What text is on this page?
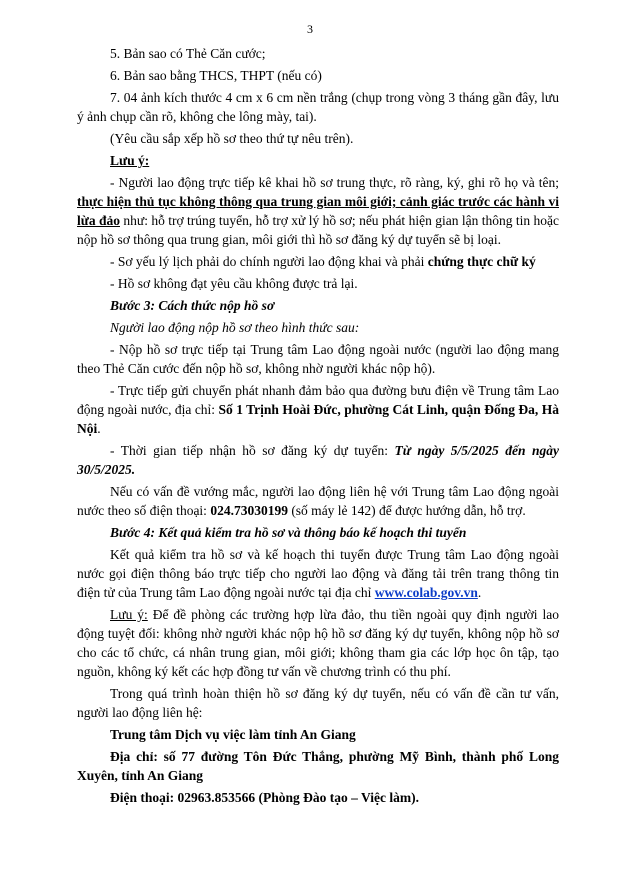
3

5. Bản sao có Thẻ Căn cước;

6. Bản sao bằng THCS, THPT (nếu có)

7. 04 ảnh kích thước 4 cm x 6 cm nền trắng (chụp trong vòng 3 tháng gần đây, lưu ý ảnh chụp cần rõ, không che lông mày, tai).

(Yêu cầu sắp xếp hồ sơ theo thứ tự nêu trên).

Lưu ý:

- Người lao động trực tiếp kê khai hồ sơ trung thực, rõ ràng, ký, ghi rõ họ và tên; thực hiện thủ tục không thông qua trung gian môi giới; cảnh giác trước các hành vi lừa đảo như: hỗ trợ trúng tuyển, hỗ trợ xử lý hồ sơ; nếu phát hiện gian lận thông tin hoặc nộp hồ sơ thông qua trung gian, môi giới thì hồ sơ đăng ký dự tuyển sẽ bị loại.

- Sơ yếu lý lịch phải do chính người lao động khai và phải chứng thực chữ ký

- Hồ sơ không đạt yêu cầu không được trả lại.

Bước 3: Cách thức nộp hồ sơ

Người lao động nộp hồ sơ theo hình thức sau:

- Nộp hồ sơ trực tiếp tại Trung tâm Lao động ngoài nước (người lao động mang theo Thẻ Căn cước đến nộp hồ sơ, không nhờ người khác nộp hộ).

- Trực tiếp gửi chuyển phát nhanh đảm bảo qua đường bưu điện về Trung tâm Lao động ngoài nước, địa chỉ: Số 1 Trịnh Hoài Đức, phường Cát Linh, quận Đống Đa, Hà Nội.

- Thời gian tiếp nhận hồ sơ đăng ký dự tuyển: Từ ngày 5/5/2025 đến ngày 30/5/2025.

Nếu có vấn đề vướng mắc, người lao động liên hệ với Trung tâm Lao động ngoài nước theo số điện thoại: 024.73030199 (số máy lẻ 142) để được hướng dẫn, hỗ trợ.

Bước 4: Kết quả kiểm tra hồ sơ và thông báo kế hoạch thi tuyển

Kết quả kiểm tra hồ sơ và kế hoạch thi tuyển được Trung tâm Lao động ngoài nước gọi điện thông báo trực tiếp cho người lao động và đăng tải trên trang thông tin điện tử của Trung tâm Lao động ngoài nước tại địa chỉ www.colab.gov.vn.

Lưu ý: Để đề phòng các trường hợp lừa đảo, thu tiền ngoài quy định người lao động tuyệt đối: không nhờ người khác nộp hộ hồ sơ đăng ký dự tuyển, không nộp hồ sơ cho các tổ chức, cá nhân trung gian, môi giới; không tham gia các lớp học ôn tập, tạo nguồn, không ký kết các hợp đồng tư vấn về chương trình có thu phí.

Trong quá trình hoàn thiện hồ sơ đăng ký dự tuyển, nếu có vấn đề cần tư vấn, người lao động liên hệ:

Trung tâm Dịch vụ việc làm tỉnh An Giang

Địa chỉ: số 77 đường Tôn Đức Thắng, phường Mỹ Bình, thành phố Long Xuyên, tỉnh An Giang

Điện thoại: 02963.853566 (Phòng Đào tạo – Việc làm).
